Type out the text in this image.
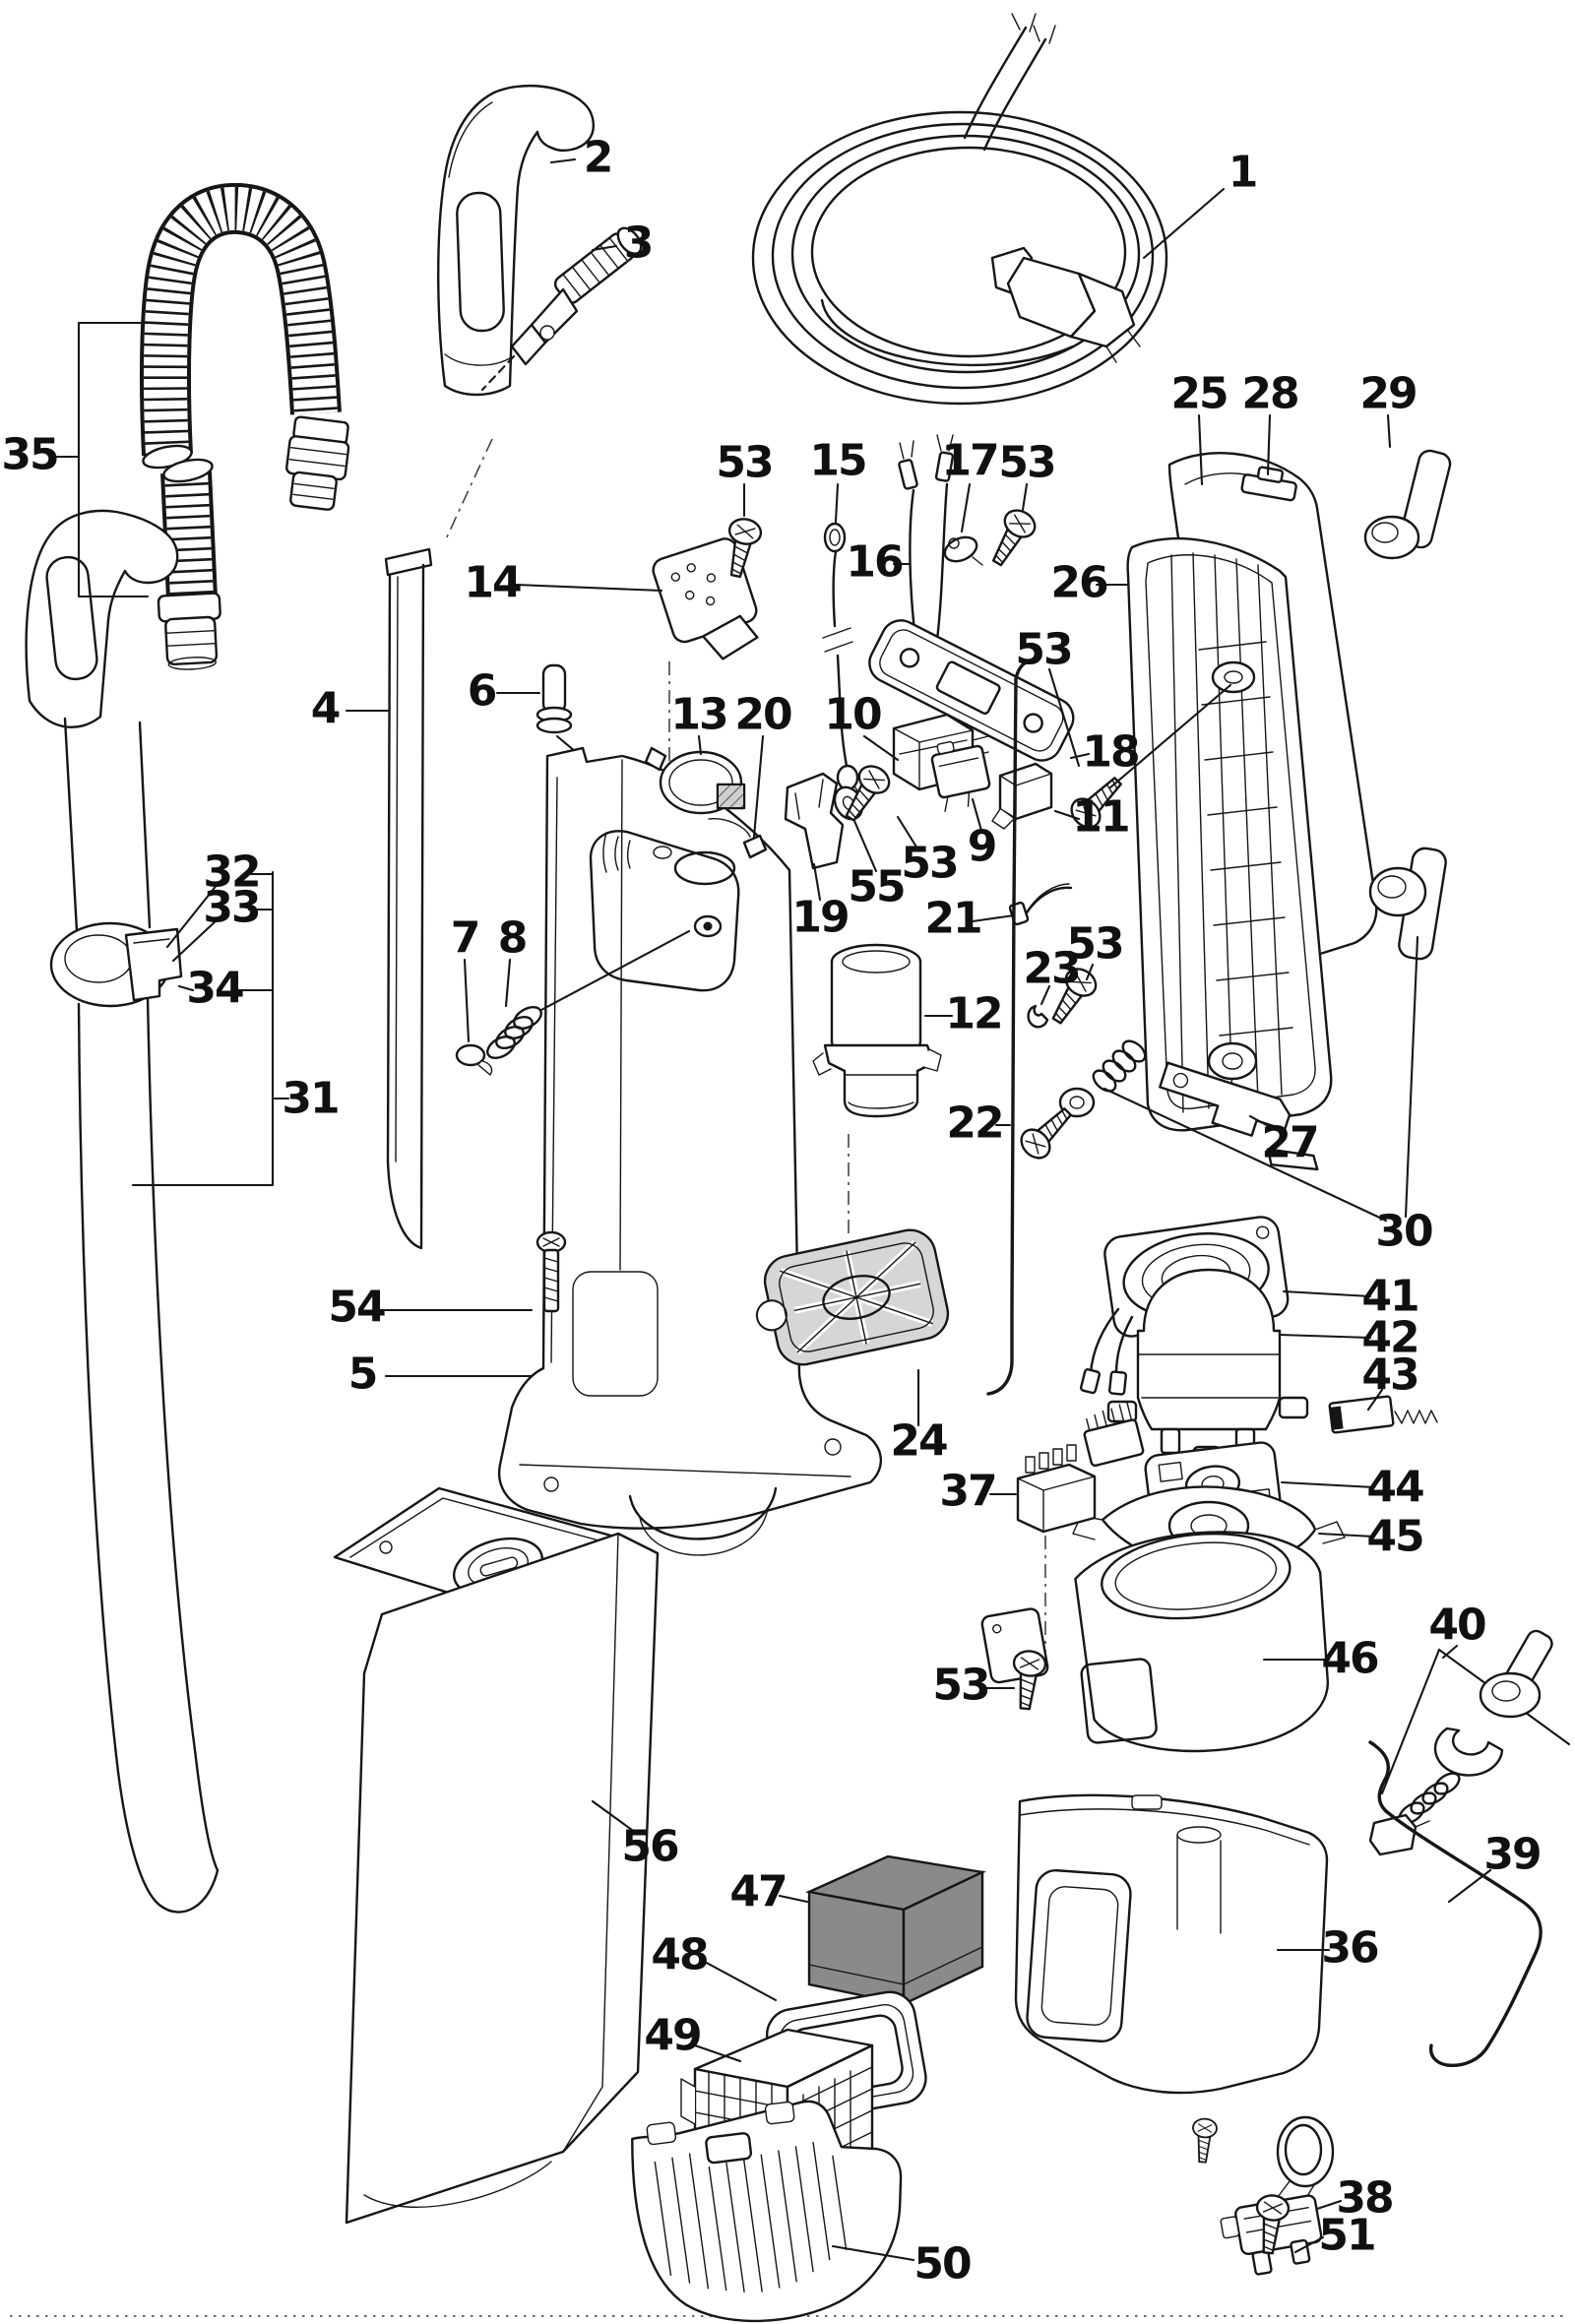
1
2
3
4
5
6
7 8
9
10
11
12
13
14
15
16
17
18
19
20
21
22
23
24
25
26
27
28 29
30
31
32
33
34
35
36
37
38
39
40
41
42
43
44
45
46
47
48
49
50
51
53	53
53
53
53
53
54
55
56
